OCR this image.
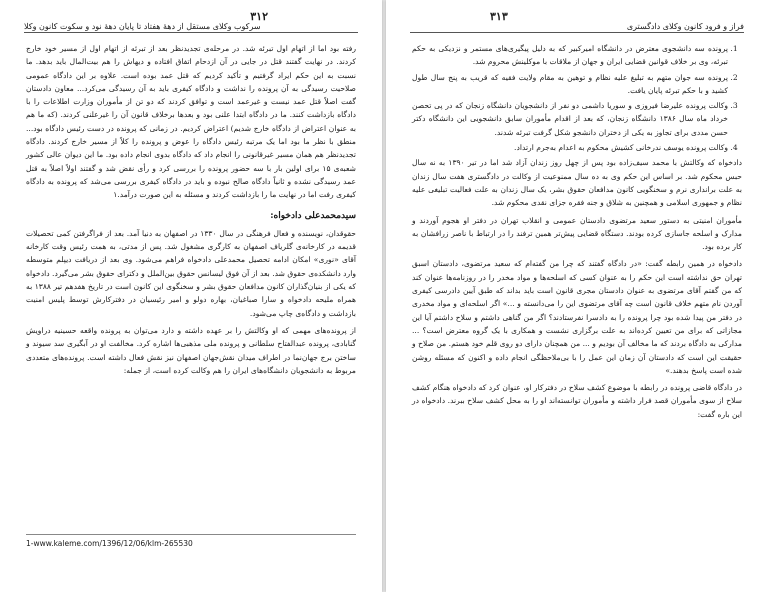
۳۱۲
سرکوب وکلای مستقل از دهۀ هفتاد تا پایان دهۀ نود و سکوت کانون وکلا

رفته بود اما از اتهام اول تبرئه شد. در مرحله‌ی تجدیدنظر بعد از تبرئه از اتهام اول از مسیر خود خارج کردند. در نهایت گفتند قتل در جایی در آن ازدحام اتفاق افتاده و دیهاش را هم بیت‌المال باید بدهد. ما نسبت به این حکم ایراد گرفتیم و تأکید کردیم که قتل عمد بوده است. علاوه بر این دادگاه عمومی صلاحیت رسیدگی به آن پرونده را نداشت و دادگاه کیفری باید به آن رسیدگی می‌کرد... معاون دادستان گفت اصلاً قتل عمد نیست و غیرعمد است و توافق کردند که دو تن از مأموران وزارت اطلاعات را با دادگاه بازداشت کنند. ما در دادگاه ابتدا علنی بود و بعدها برخلاف قانون آن را غیرعلنی کردند. (که ما هم به عنوان اعتراض از دادگاه خارج شدیم) اعتراض کردیم. در زمانی که پرونده در دست رئیس دادگاه بود... منطق با نظر ما بود اما یک مرتبه رئیس دادگاه را عوض و پرونده را کلاً از مسیر خارج کردند. دادگاه تجدیدنظر هم همان مسیر غیرقانونی را انجام داد که دادگاه بدوی انجام داده بود. ما این دیوان عالی کشور شعبه‌ی ۱۵ برای اولین بار با سه‌ حضور پرونده را بررسی کرد و رأی نقض شد و گفتند اولاً اصلاً به قتل عمد رسیدگی نشده و ثانیاً دادگاه صالح نبوده و باید در دادگاه کیفری بررسی می‌شد که پرونده به دادگاه کیفری رفت اما در نهایت ما را بازداشت کردند و مسئله به این صورت درآمد.۱

سیدمحمدعلی دادخواه:

حقوقدان، نویسنده و فعال فرهنگی در سال ۱۳۳۰ در اصفهان به دنیا آمد. بعد از فراگرفتن کمی تحصیلات قدیمه در کارخانه‌ی گلریاف اصفهان به کارگری مشغول شد. پس از مدتی، به همت رئیس وقت کارخانه آقای «نوری» امکان ادامه تحصیل محمدعلی دادخواه فراهم می‌شود. وی بعد از دریافت دیپلم متوسطه وارد دانشکده‌ی حقوق شد. بعد از آن فوق لیسانس حقوق بین‌الملل و دکترای حقوق بشر می‌گیرد. دادخواه که یکی از بنیان‌گذاران کانون مدافعان حقوق بشر و سخنگوی این کانون است در تاریخ هفدهم تیر ۱۳۸۸ به همراه ملیحه دادخواه و سارا صباغیان، بهاره دولو و امیر رئیسیان در دفترکارش توسط پلیس امنیت بازداشت و دادگاه‌ی چاپ می‌شود.

از پرونده‌های مهمی که او وکالتش را بر عهده داشته و دارد می‌توان به پرونده واقعه حسینیه دراویش گنابادی، پرونده عبدالفتاح سلطانی و پرونده ملی مذهبی‌ها اشاره کرد. مخالفت او در آبگیری سد سیوند و ساختن برج جهان‌نما در اطراف میدان نقش‌جهان اصفهان نیز نقش فعال داشته است. پرونده‌های متعددی مربوط به دانشجویان دانشگاه‌های ایران را هم وکالت کرده است، از جمله:

1-www.kaleme.com/1396/12/06/klm-265530
۳۱۳
فراز و فرود کانون وکلای دادگستری
1. پرونده سه دانشجوی معترض در دانشگاه امیرکبیر که به دلیل پیگیری‌های مستمر و نزدیکی به حکم تبرئه، وی بر خلاف قوانین قضایی ایران و جهان از ملاقات با موکلینش محروم شد.
2. پرونده سه جوان متهم به تبلیغ علیه نظام و توهین به مقام ولایت فقیه که قریب به پنج سال طول کشید و با حکم تبرئه پایان یافت.
3. وکالت پرونده علیرضا فیروزی و سوریا داشمی دو نفر از دانشجویان دانشگاه زنجان که در پی تحصن خرداد ماه سال ۱۳۸۶ دانشگاه زنجان، که بعد از اقدام مأموران سابق دانشجویی این دانشگاه دکتر حسن مددی برای تجاوز به یکی از دختران دانشجو شکل گرفت تبرئه شدند.
4. وکالت پرونده یوسف ندرخانی کشیش محکوم به اعدام به‌جرم ارتداد.

دادخواه که وکالتش با محمد سیف‌زاده بود پس از چهل روز زندان آزاد شد اما در تیر ۱۳۹۰ به نه سال حبس محکوم شد. بر اساس این حکم وی به ده سال ممنوعیت از وکالت در دادگستری هفت سال زندان به علت برانداری نرم و سخنگویی کانون مدافعان حقوق بشر، یک سال زندان به علت فعالیت تبلیغی علیه نظام و جمهوری اسلامی و همچنین به شلاق و جنه فقره جزای نقدی محکوم شد.

مأموران امنیتی به دستور سعید مرتضوی دادستان عمومی و انقلاب تهران در دفتر او هجوم آوردند و مدارک و اسلحه جاسازی کرده بودند. دستگاه قضایی پیش‌تر همین ترفند را در ارتباط با ناصر زرافشان به کار برده بود.

دادخواه در همین رابطه گفت: «در دادگاه گفتند که چرا من گفته‌ام که سعید مرتضوی، دادستان اسبق تهران حق نداشته است این حکم را به عنوان کسی که اسلحه‌ها و مواد مخدر را در روزنامه‌ها عنوان کند که من گفتم آقای مرتضوی به عنوان دادستان مجری قانون است باید بداند که طبق آیین دادرسی کیفری آوردن نام متهم خلاف قانون است چه آقای مرتضوی این را می‌دانسته و ...» اگر اسلحه‌ای و مواد مخدری در دفتر من پیدا شده بود چرا پرونده را به دادسرا نفرستادند؟ اگر من گناهی داشتم و سلاح داشتم آیا این مجازاتی که برای من تعیین کرده‌اند به علت برگزاری نشست و همکاری با یک گروه معترض است؟ ... مدارکی به دادگاه بردند که ما مخالف آن بودیم و ... من همچنان دارای دو روی قلم خود هستم. من صلاح و حقیقت این است که دادستان آن زمان این عمل را با بی‌ملاحظگی انجام داده و اکنون که مسئله روشن شده است پاسخ بدهند.»

در دادگاه قاضی پرونده در رابطه با موضوع کشف سلاح در دفترکار او، عنوان کرد که دادخواه هنگام کشف سلاح از سوی مأموران قصد فرار داشته و مأموران توانسته‌اند او را به محل کشف سلاح ببرند. دادخواه در این باره گفت:
